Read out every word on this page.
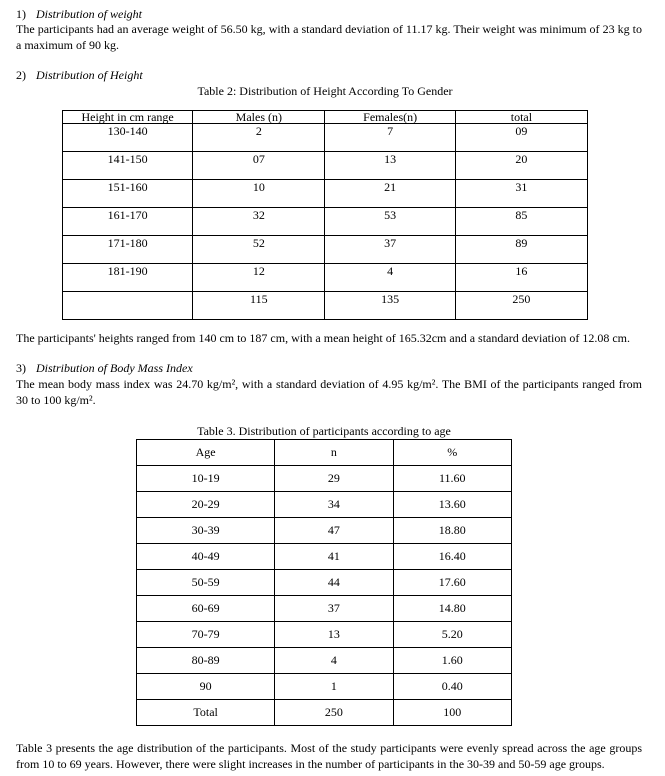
1) Distribution of weight
The participants had an average weight of 56.50 kg, with a standard deviation of 11.17 kg. Their weight was minimum of 23 kg to a maximum of 90 kg.
2) Distribution of Height
Table 2: Distribution of Height According To Gender
Height in cm range	Males (n)	Females(n)	total
130-140	2	7	09
141-150	07	13	20
151-160	10	21	31
161-170	32	53	85
171-180	52	37	89
181-190	12	4	16
	115	135	250
The participants' heights ranged from 140 cm to 187 cm, with a mean height of 165.32cm and a standard deviation of 12.08 cm.
3) Distribution of Body Mass Index
The mean body mass index was 24.70 kg/m², with a standard deviation of 4.95 kg/m². The BMI of the participants ranged from 30 to 100 kg/m².
Table 3. Distribution of participants according to age
Age	n	%
10-19	29	11.60
20-29	34	13.60
30-39	47	18.80
40-49	41	16.40
50-59	44	17.60
60-69	37	14.80
70-79	13	5.20
80-89	4	1.60
90	1	0.40
Total	250	100
Table 3 presents the age distribution of the participants. Most of the study participants were evenly spread across the age groups from 10 to 69 years. However, there were slight increases in the number of participants in the 30-39 and 50-59 age groups.
